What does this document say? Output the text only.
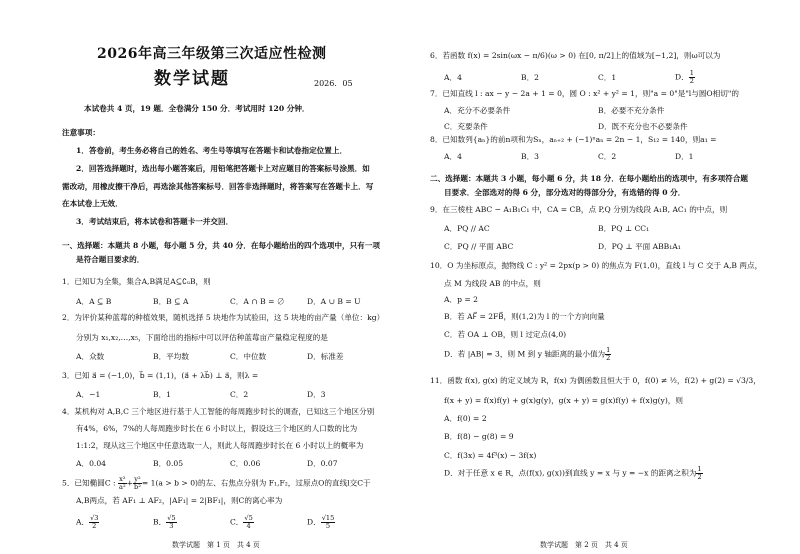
2026年高三年级第三次适应性检测
数学试题	2026．05
本试卷共 4 页，19 题．全卷满分 150 分．考试用时 120 分钟．
注意事项：
1．答卷前，考生务必将自己的姓名、考生号等填写在答题卡和试卷指定位置上．
2．回答选择题时，选出每小题答案后，用铅笔把答题卡上对应题目的答案标号涂黑．如
需改动，用橡皮擦干净后，再选涂其他答案标号．回答非选择题时，将答案写在答题卡上．写
在本试卷上无效．
3．考试结束后，将本试卷和答题卡一并交回．
一、选择题：本题共 8 小题，每小题 5 分，共 40 分．在每小题给出的四个选项中，只有一项
是符合题目要求的．
1．已知U为全集，集合A,B满足A⊆∁ᵤB，则
A．A ⊆ B	B．B ⊆ A	C．A ∩ B = ∅	D．A ∪ B = U
2．为评价某种蓝莓的种植效果，随机选择 5 块地作为试验田，这 5 块地的亩产量（单位：kg）
分别为 x₁,x₂,…,x₅，下面给出的指标中可以评估种蓝莓亩产量稳定程度的是
A．众数	B．平均数	C．中位数	D．标准差
3．已知 a⃗ = (−1,0)，b⃗ = (1,1)，(a⃗ + λb⃗) ⊥ a⃗，则λ =
A．−1	B．1	C．2	D．3
4．某机构对 A,B,C 三个地区进行基于人工智能的每周跑步时长的调查，已知这三个地区分别
有4%，6%，7%的人每周跑步时长在 6 小时以上，假设这三个地区的人口数的比为
1:1:2，现从这三个地区中任意选取一人，则此人每周跑步时长在 6 小时以上的概率为
A．0.04	B．0.05	C．0.06	D．0.07
5．已知椭圆C : $\frac{\text{x²}}{\text{a²}} + \frac{\text{y²}}{\text{b²}} = 1(a > b > 0)$的左、右焦点分别为 F₁,F₂，过原点O的直线l交C于
A,B两点，若 AF₁ ⊥ AF₂，|AF₁| = 2|BF₁|，则C的离心率为
A． $\frac{√3}{2}$	B． $\frac{√5}{3}$	C． $\frac{√5}{4}$	D． $\frac{√15}{5}$
数学试题　第 1 页　共 4 页
6．若函数 f(x) = 2sin(ωx − π/6)(ω > 0) 在[0, π/2]上的值域为[−1,2]，则ω可以为
A．4	B．2	C．1	D． $\frac{1}{2}$
7．已知直线 l : ax − y − 2a + 1 = 0，圆 O : x² + y² = 1，则"a = 0"是"l与圆O相切"的
A．充分不必要条件	B．必要不充分条件
C．充要条件	D．既不充分也不必要条件
8．已知数列{aₙ}的前n项和为Sₙ，aₙ₊₂ + (−1)ⁿaₙ = 2n − 1，S₁₂ = 140，则a₁ =
A．4	B．3	C．2	D．1
二、选择题：本题共 3 小题，每小题 6 分，共 18 分．在每小题给出的选项中，有多项符合题
目要求．全部选对的得 6 分，部分选对的得部分分，有选错的得 0 分．
9．在三棱柱 ABC − A₁B₁C₁ 中，CA = CB，点 P,Q 分别为线段 A₁B, AC₁ 的中点，则
A．PQ // AC	B．PQ ⊥ CC₁
C．PQ // 平面 ABC	D．PQ ⊥ 平面 ABB₁A₁
10．O 为坐标原点，抛物线 C : y² = 2px(p > 0) 的焦点为 F(1,0)，直线 l 与 C 交于 A,B 两点，
点 M 为线段 AB 的中点，则
A．p = 2
B．若 AF⃗ = 2FB⃗，则(1,2)为 l 的一个方向向量
C．若 OA ⊥ OB，则 l 过定点(4,0)
D．若 |AB| = 3，则 M 到 y 轴距离的最小值为 $\frac{1}{2}$
11．函数 f(x), g(x) 的定义域为 R，f(x) 为偶函数且恒大于 0，f(0) ≠ ½，f(2) + g(2) = √3/3，
f(x + y) = f(x)f(y) + g(x)g(y)，g(x + y) = g(x)f(y) + f(x)g(y)，则
A．f(0) = 2
B．f(8) − g(8) = 9
C．f(3x) = 4f³(x) − 3f(x)
D．对于任意 x ∈ R，点(f(x), g(x))到直线 y = x 与 y = −x 的距离之积为 $\frac{1}{2}$
数学试题　第 2 页　共 4 页
